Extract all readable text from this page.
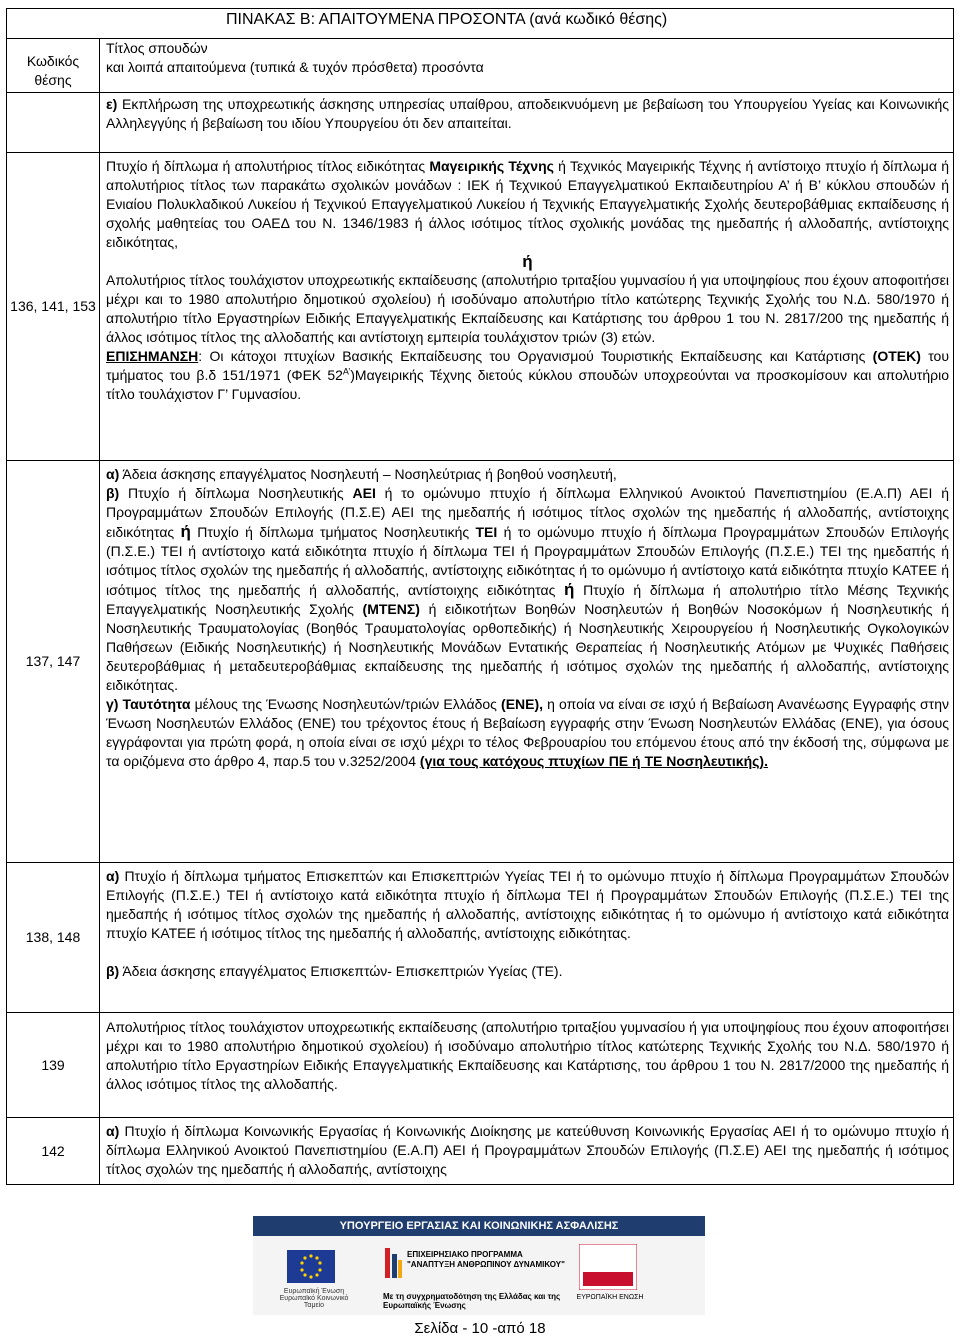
ΠΙΝΑΚΑΣ Β: ΑΠΑΙΤΟΥΜΕΝΑ ΠΡΟΣΟΝΤΑ (ανά κωδικό θέσης)
Κωδικός θέσης	Τίτλος σπουδών

και λοιπά απαιτούμενα (τυπικά & τυχόν πρόσθετα) προσόντα

	ε) Εκπλήρωση της υποχρεωτικής άσκησης υπηρεσίας υπαίθρου, αποδεικνυόμενη με βεβαίωση του Υπουργείου Υγείας και Κοινωνικής Αλληλεγγύης ή βεβαίωση του ιδίου Υπουργείου ότι δεν απαιτείται.
136, 141, 153	Πτυχίο ή δίπλωμα ή απολυτήριος τίτλος ειδικότητας Μαγειρικής Τέχνης ή Τεχνικός Μαγειρικής Τέχνης ή αντίστοιχο πτυχίο ή δίπλωμα ή απολυτήριος τίτλος των παρακάτω σχολικών μονάδων : ΙΕΚ ή Τεχνικού Επαγγελματικού Εκπαιδευτηρίου Α’ ή Β’ κύκλου σπουδών ή Ενιαίου Πολυκλαδικού Λυκείου ή Τεχνικού Επαγγελματικού Λυκείου ή Τεχνικής Επαγγελματικής Σχολής δευτεροβάθμιας εκπαίδευσης ή σχολής μαθητείας του ΟΑΕΔ του Ν. 1346/1983 ή άλλος ισότιμος τίτλος σχολικής μονάδας της ημεδαπής ή αλλοδαπής, αντίστοιχης ειδικότητας,

ή

Απολυτήριος τίτλος τουλάχιστον υποχρεωτικής εκπαίδευσης (απολυτήριο τριταξίου γυμνασίου ή για υποψηφίους που έχουν αποφοιτήσει μέχρι και το 1980 απολυτήριο δημοτικού σχολείου) ή ισοδύναμο απολυτήριο τίτλο κατώτερης Τεχνικής Σχολής του Ν.Δ. 580/1970 ή απολυτήριο τίτλο Εργαστηρίων Ειδικής Επαγγελματικής Εκπαίδευσης και Κατάρτισης του άρθρου 1 του Ν. 2817/200 της ημεδαπής ή άλλος ισότιμος τίτλος της αλλοδαπής και αντίστοιχη εμπειρία τουλάχιστον τριών (3) ετών.

ΕΠΙΣΗΜΑΝΣΗ: Οι κάτοχοι πτυχίων Βασικής Εκπαίδευσης του Οργανισμού Τουριστικής Εκπαίδευσης και Κατάρτισης (ΟΤΕΚ) του τμήματος του β.δ 151/1971 (ΦΕΚ $52^{A’})M\alpha\gamma\varepsilon\iota\rho\iota\kappa ή\varsigma$ Τέχνης διετούς κύκλου σπουδών υποχρεούνται να προσκομίσουν και απολυτήριο τίτλο τουλάχιστον Γ’ Γυμνασίου.

137, 147	α) Άδεια άσκησης επαγγέλματος Νοσηλευτή – Νοσηλεύτριας ή βοηθού νοσηλευτή,

β) Πτυχίο ή δίπλωμα Νοσηλευτικής ΑΕΙ ή το ομώνυμο πτυχίο ή δίπλωμα Ελληνικού Ανοικτού Πανεπιστημίου (Ε.Α.Π) ΑΕΙ ή Προγραμμάτων Σπουδών Επιλογής (Π.Σ.Ε) ΑΕΙ της ημεδαπής ή ισότιμος τίτλος σχολών της ημεδαπής ή αλλοδαπής, αντίστοιχης ειδικότητας ή Πτυχίο ή δίπλωμα τμήματος Νοσηλευτικής ΤΕΙ ή το ομώνυμο πτυχίο ή δίπλωμα Προγραμμάτων Σπουδών Επιλογής (Π.Σ.Ε.) ΤΕΙ ή αντίστοιχο κατά ειδικότητα πτυχίο ή δίπλωμα ΤΕΙ ή Προγραμμάτων Σπουδών Επιλογής (Π.Σ.Ε.) ΤΕΙ της ημεδαπής ή ισότιμος τίτλος σχολών της ημεδαπής ή αλλοδαπής, αντίστοιχης ειδικότητας ή το ομώνυμο ή αντίστοιχο κατά ειδικότητα πτυχίο ΚΑΤΕΕ ή ισότιμος τίτλος της ημεδαπής ή αλλοδαπής, αντίστοιχης ειδικότητας ή Πτυχίο ή δίπλωμα ή απολυτήριο τίτλο Μέσης Τεχνικής Επαγγελματικής Νοσηλευτικής Σχολής (ΜΤΕΝΣ) ή ειδικοτήτων Βοηθών Νοσηλευτών ή Βοηθών Νοσοκόμων ή Νοσηλευτικής ή Νοσηλευτικής Τραυματολογίας (Βοηθός Τραυματολογίας ορθοπεδικής) ή Νοσηλευτικής Χειρουργείου ή Νοσηλευτικής Ογκολογικών Παθήσεων (Ειδικής Νοσηλευτικής) ή Νοσηλευτικής Μονάδων Εντατικής Θεραπείας ή Νοσηλευτικής Ατόμων με Ψυχικές Παθήσεις δευτεροβάθμιας ή μεταδευτεροβάθμιας εκπαίδευσης της ημεδαπής ή ισότιμος σχολών της ημεδαπής ή αλλοδαπής, αντίστοιχης ειδικότητας.

γ) Ταυτότητα μέλους της Ένωσης Νοσηλευτών/τριών Ελλάδος (ΕΝΕ), η οποία να είναι σε ισχύ ή Βεβαίωση Ανανέωσης Εγγραφής στην Ένωση Νοσηλευτών Ελλάδος (ΕΝΕ) του τρέχοντος έτους ή Βεβαίωση εγγραφής στην Ένωση Νοσηλευτών Ελλάδας (ΕΝΕ), για όσους εγγράφονται για πρώτη φορά, η οποία είναι σε ισχύ μέχρι το τέλος Φεβρουαρίου του επόμενου έτους από την έκδοσή της, σύμφωνα με τα οριζόμενα στο άρθρο 4, παρ.5 του ν.3252/2004 (για τους κατόχους πτυχίων ΠΕ ή ΤΕ Νοσηλευτικής).

138, 148	α) Πτυχίο ή δίπλωμα τμήματος Επισκεπτών και Επισκεπτριών Υγείας ΤΕΙ ή το ομώνυμο πτυχίο ή δίπλωμα Προγραμμάτων Σπουδών Επιλογής (Π.Σ.Ε.) ΤΕΙ ή αντίστοιχο κατά ειδικότητα πτυχίο ή δίπλωμα ΤΕΙ ή Προγραμμάτων Σπουδών Επιλογής (Π.Σ.Ε.) ΤΕΙ της ημεδαπής ή ισότιμος τίτλος σχολών της ημεδαπής ή αλλοδαπής, αντίστοιχης ειδικότητας ή το ομώνυμο ή αντίστοιχο κατά ειδικότητα πτυχίο ΚΑΤΕΕ ή ισότιμος τίτλος της ημεδαπής ή αλλοδαπής, αντίστοιχης ειδικότητας.

β) Άδεια άσκησης επαγγέλματος Επισκεπτών- Επισκεπτριών Υγείας (ΤΕ).

139	Απολυτήριος τίτλος τουλάχιστον υποχρεωτικής εκπαίδευσης (απολυτήριο τριταξίου γυμνασίου ή για υποψηφίους που έχουν αποφοιτήσει μέχρι και το 1980 απολυτήριο δημοτικού σχολείου) ή ισοδύναμο απολυτήριο τίτλος κατώτερης Τεχνικής Σχολής του Ν.Δ. 580/1970 ή απολυτήριο τίτλο Εργαστηρίων Ειδικής Επαγγελματικής Εκπαίδευσης και Κατάρτισης, του άρθρου 1 του Ν. 2817/2000 της ημεδαπής ή άλλος ισότιμος τίτλος της αλλοδαπής.

142	α) Πτυχίο ή δίπλωμα Κοινωνικής Εργασίας ή Κοινωνικής Διοίκησης με κατεύθυνση Κοινωνικής Εργασίας ΑΕΙ ή το ομώνυμο πτυχίο ή δίπλωμα Ελληνικού Ανοικτού Πανεπιστημίου (Ε.Α.Π) ΑΕΙ ή Προγραμμάτων Σπουδών Επιλογής (Π.Σ.Ε) ΑΕΙ της ημεδαπής ή ισότιμος τίτλος σχολών της ημεδαπής ή αλλοδαπής, αντίστοιχης

ΥΠΟΥΡΓΕΙΟ ΕΡΓΑΣΙΑΣ ΚΑΙ ΚΟΙΝΩΝΙΚΗΣ ΑΣΦΑΛΙΣΗΣ
Ευρωπαϊκή Ένωση Ευρωπαϊκό Κοινωνικό Ταμείο
ΕΠΙΧΕΙΡΗΣΙΑΚΟ ΠΡΟΓΡΑΜΜΑ "ΑΝΑΠΤΥΞΗ ΑΝΘΡΩΠΙΝΟΥ ΔΥΝΑΜΙΚΟΥ"
Με τη συγχρηματοδότηση της Ελλάδας και της Ευρωπαϊκής Ένωσης
ΕΥΡΩΠΑΪΚΗ ΕΝΩΣΗ
Σελίδα - 10 -από 18
